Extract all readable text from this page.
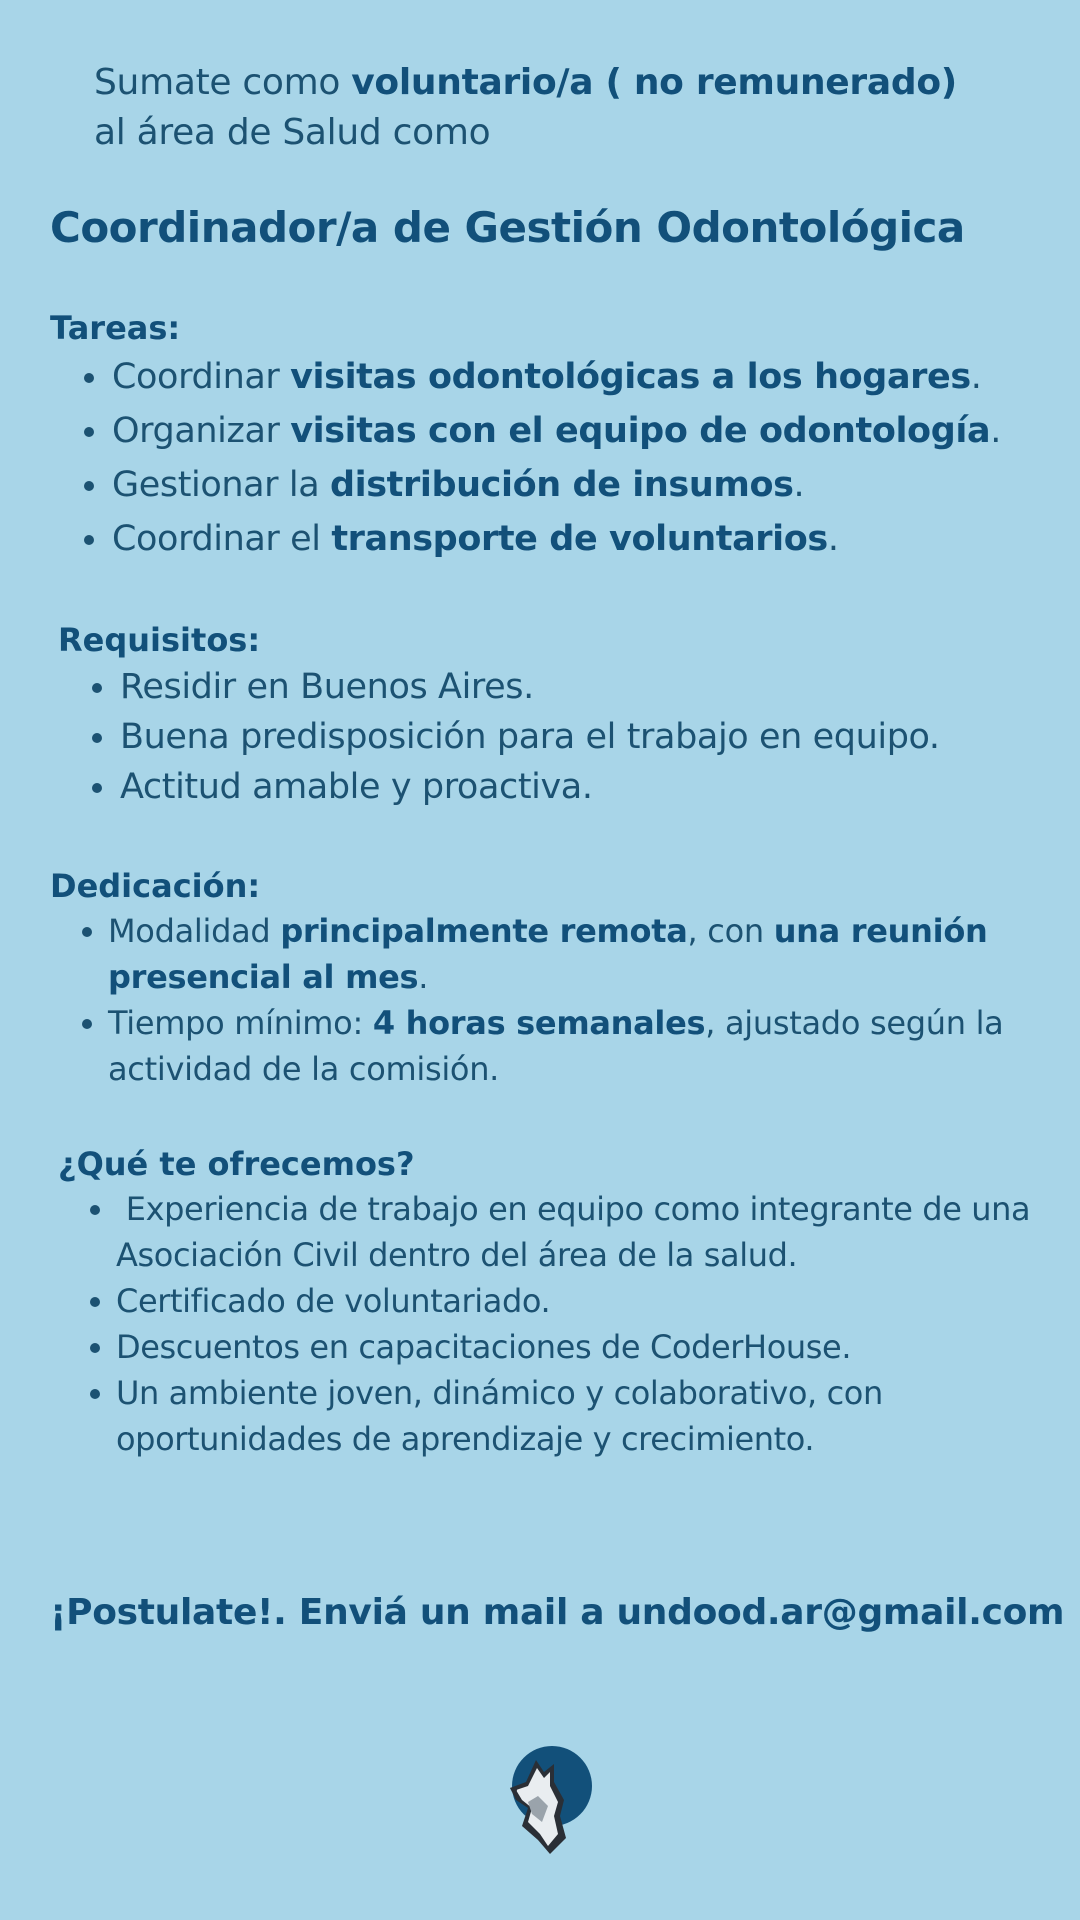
Sumate como voluntario/a ( no remunerado) al área de Salud como
Coordinador/a de Gestión Odontológica
Tareas:
Coordinar visitas odontológicas a los hogares.
Organizar visitas con el equipo de odontología.
Gestionar la distribución de insumos.
Coordinar el transporte de voluntarios.
Requisitos:
Residir en Buenos Aires.
Buena predisposición para el trabajo en equipo.
Actitud amable y proactiva.
Dedicación:
Modalidad principalmente remota, con una reunión presencial al mes.
Tiempo mínimo: 4 horas semanales, ajustado según la actividad de la comisión.
¿Qué te ofrecemos?
Experiencia de trabajo en equipo como integrante de una Asociación Civil dentro del área de la salud.
Certificado de voluntariado.
Descuentos en capacitaciones de CoderHouse.
Un ambiente joven, dinámico y colaborativo, con oportunidades de aprendizaje y crecimiento.
¡Postulate!. Enviá un mail a undood.ar@gmail.com
